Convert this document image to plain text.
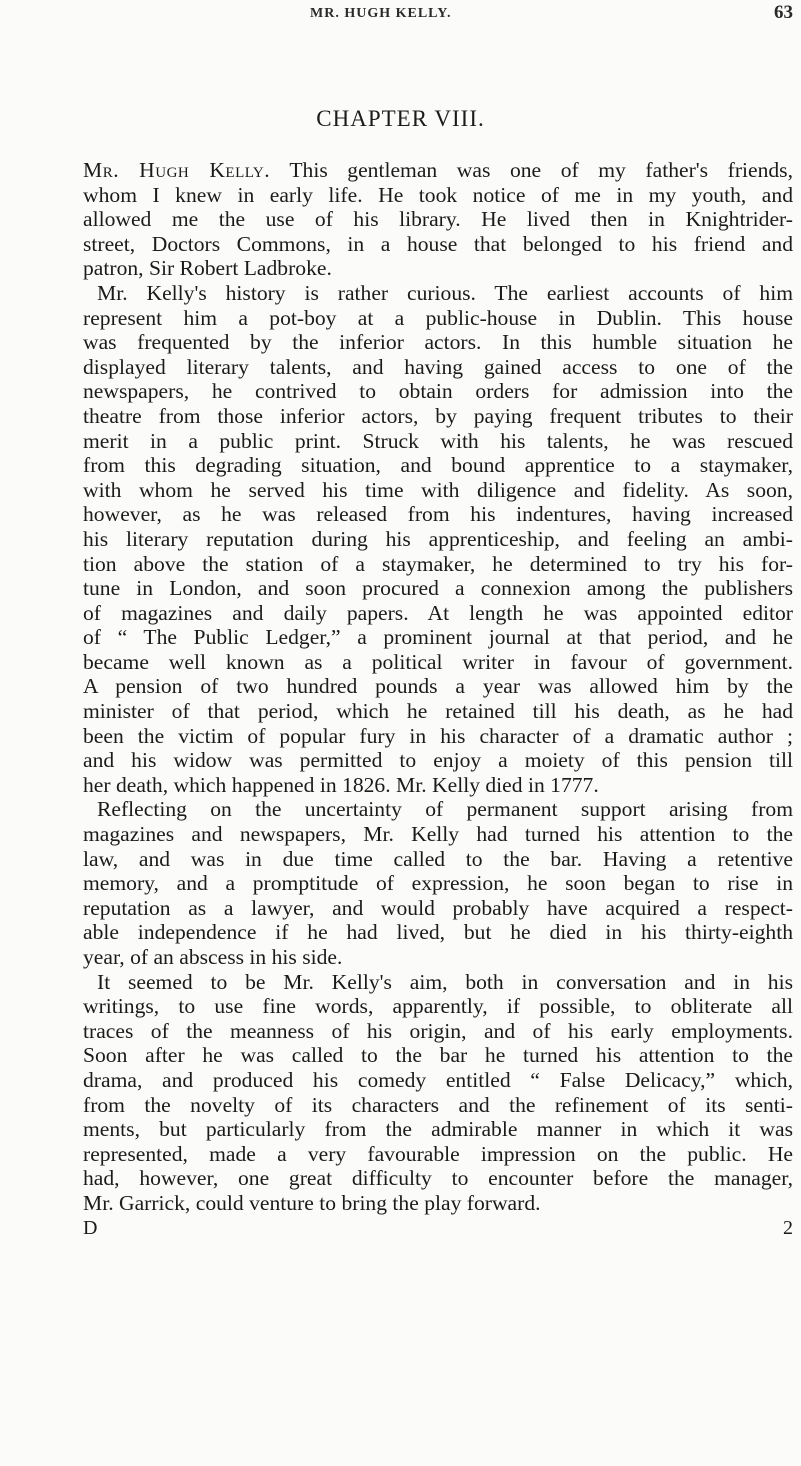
MR. HUGH KELLY.	63
CHAPTER VIII.
Mr. Hugh Kelly. This gentleman was one of my father's friends,
whom I knew in early life. He took notice of me in my youth, and
allowed me the use of his library. He lived then in Knightrider-
street, Doctors Commons, in a house that belonged to his friend and
patron, Sir Robert Ladbroke.
Mr. Kelly's history is rather curious. The earliest accounts of him
represent him a pot-boy at a public-house in Dublin. This house
was frequented by the inferior actors. In this humble situation he
displayed literary talents, and having gained access to one of the
newspapers, he contrived to obtain orders for admission into the
theatre from those inferior actors, by paying frequent tributes to their
merit in a public print. Struck with his talents, he was rescued
from this degrading situation, and bound apprentice to a staymaker,
with whom he served his time with diligence and fidelity. As soon,
however, as he was released from his indentures, having increased
his literary reputation during his apprenticeship, and feeling an ambi-
tion above the station of a staymaker, he determined to try his for-
tune in London, and soon procured a connexion among the publishers
of magazines and daily papers. At length he was appointed editor
of “ The Public Ledger,” a prominent journal at that period, and he
became well known as a political writer in favour of government.
A pension of two hundred pounds a year was allowed him by the
minister of that period, which he retained till his death, as he had
been the victim of popular fury in his character of a dramatic author ;
and his widow was permitted to enjoy a moiety of this pension till
her death, which happened in 1826. Mr. Kelly died in 1777.
Reflecting on the uncertainty of permanent support arising from
magazines and newspapers, Mr. Kelly had turned his attention to the
law, and was in due time called to the bar. Having a retentive
memory, and a promptitude of expression, he soon began to rise in
reputation as a lawyer, and would probably have acquired a respect-
able independence if he had lived, but he died in his thirty-eighth
year, of an abscess in his side.
It seemed to be Mr. Kelly's aim, both in conversation and in his
writings, to use fine words, apparently, if possible, to obliterate all
traces of the meanness of his origin, and of his early employments.
Soon after he was called to the bar he turned his attention to the
drama, and produced his comedy entitled “ False Delicacy,” which,
from the novelty of its characters and the refinement of its senti-
ments, but particularly from the admirable manner in which it was
represented, made a very favourable impression on the public. He
had, however, one great difficulty to encounter before the manager,
Mr. Garrick, could venture to bring the play forward.
D 2
